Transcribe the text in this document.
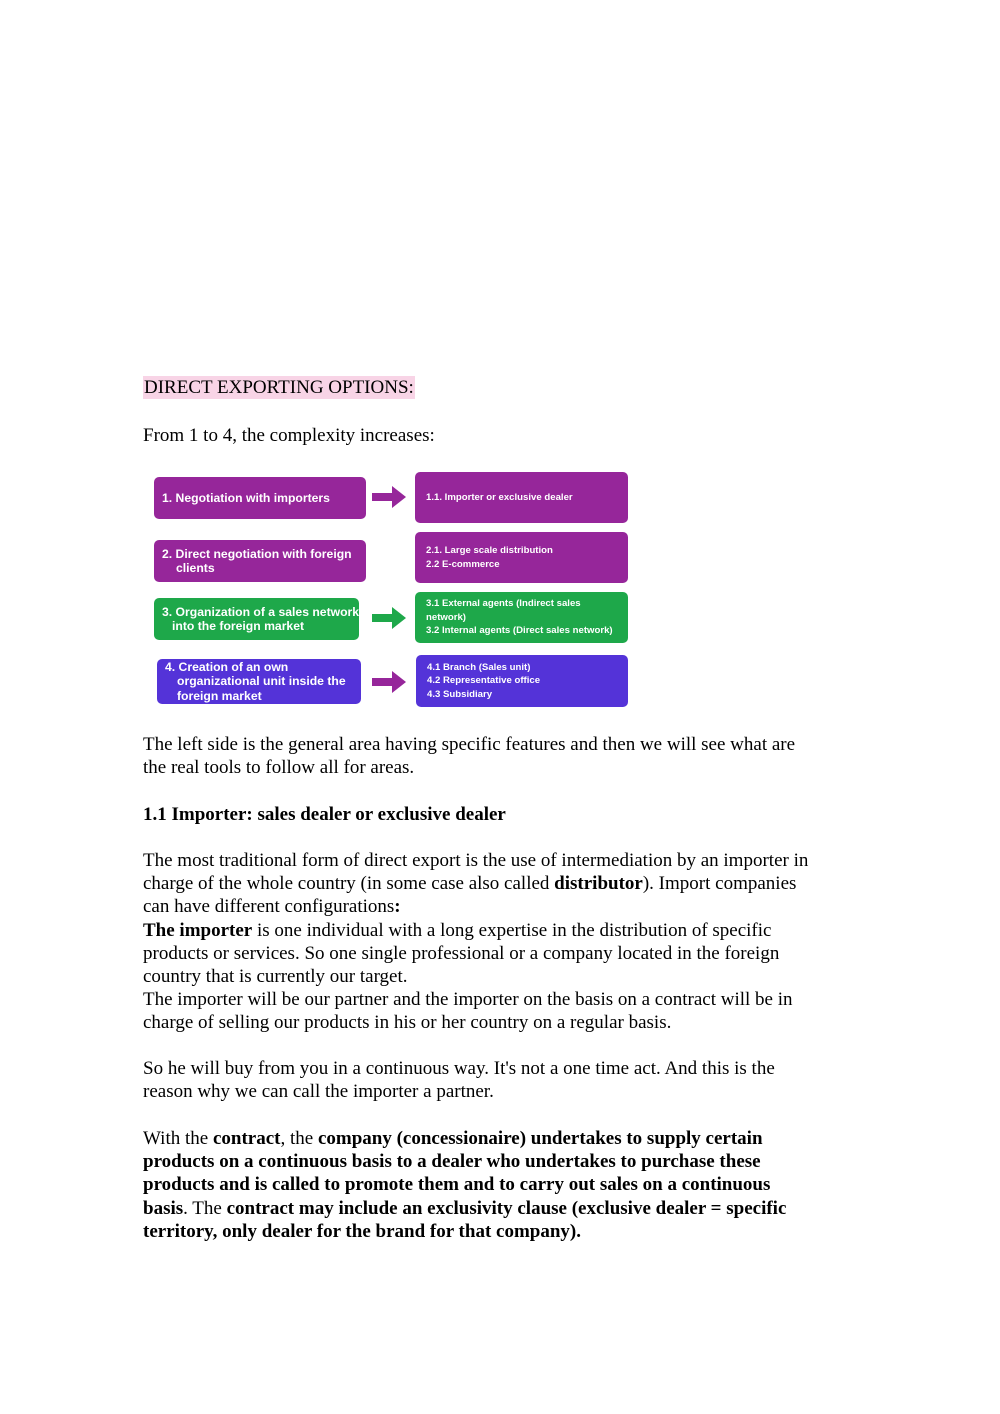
DIRECT EXPORTING OPTIONS:

From 1 to 4, the complexity increases:

1. Negotiation with importers	1.1. Importer or exclusive dealer
2. Direct negotiation with foreign
clients
2.1. Large scale distribution
2.2 E-commerce
3. Organization of a sales network
into the foreign market
3.1 External agents (Indirect sales network)
3.2 Internal agents (Direct sales network)
4. Creation of an own
organizational unit inside the
foreign market
4.1 Branch (Sales unit)
4.2 Representative office
4.3 Subsidiary

The left side is the general area having specific features and then we will see what are
the real tools to follow all for areas.

1.1 Importer: sales dealer or exclusive dealer

The most traditional form of direct export is the use of intermediation by an importer in
charge of the whole country (in some case also called distributor). Import companies
can have different configurations:
The importer is one individual with a long expertise in the distribution of specific
products or services. So one single professional or a company located in the foreign
country that is currently our target.
The importer will be our partner and the importer on the basis on a contract will be in
charge of selling our products in his or her country on a regular basis.

So he will buy from you in a continuous way. It's not a one time act. And this is the
reason why we can call the importer a partner.

With the contract, the company (concessionaire) undertakes to supply certain
products on a continuous basis to a dealer who undertakes to purchase these
products and is called to promote them and to carry out sales on a continuous
basis. The contract may include an exclusivity clause (exclusive dealer = specific
territory, only dealer for the brand for that company).
